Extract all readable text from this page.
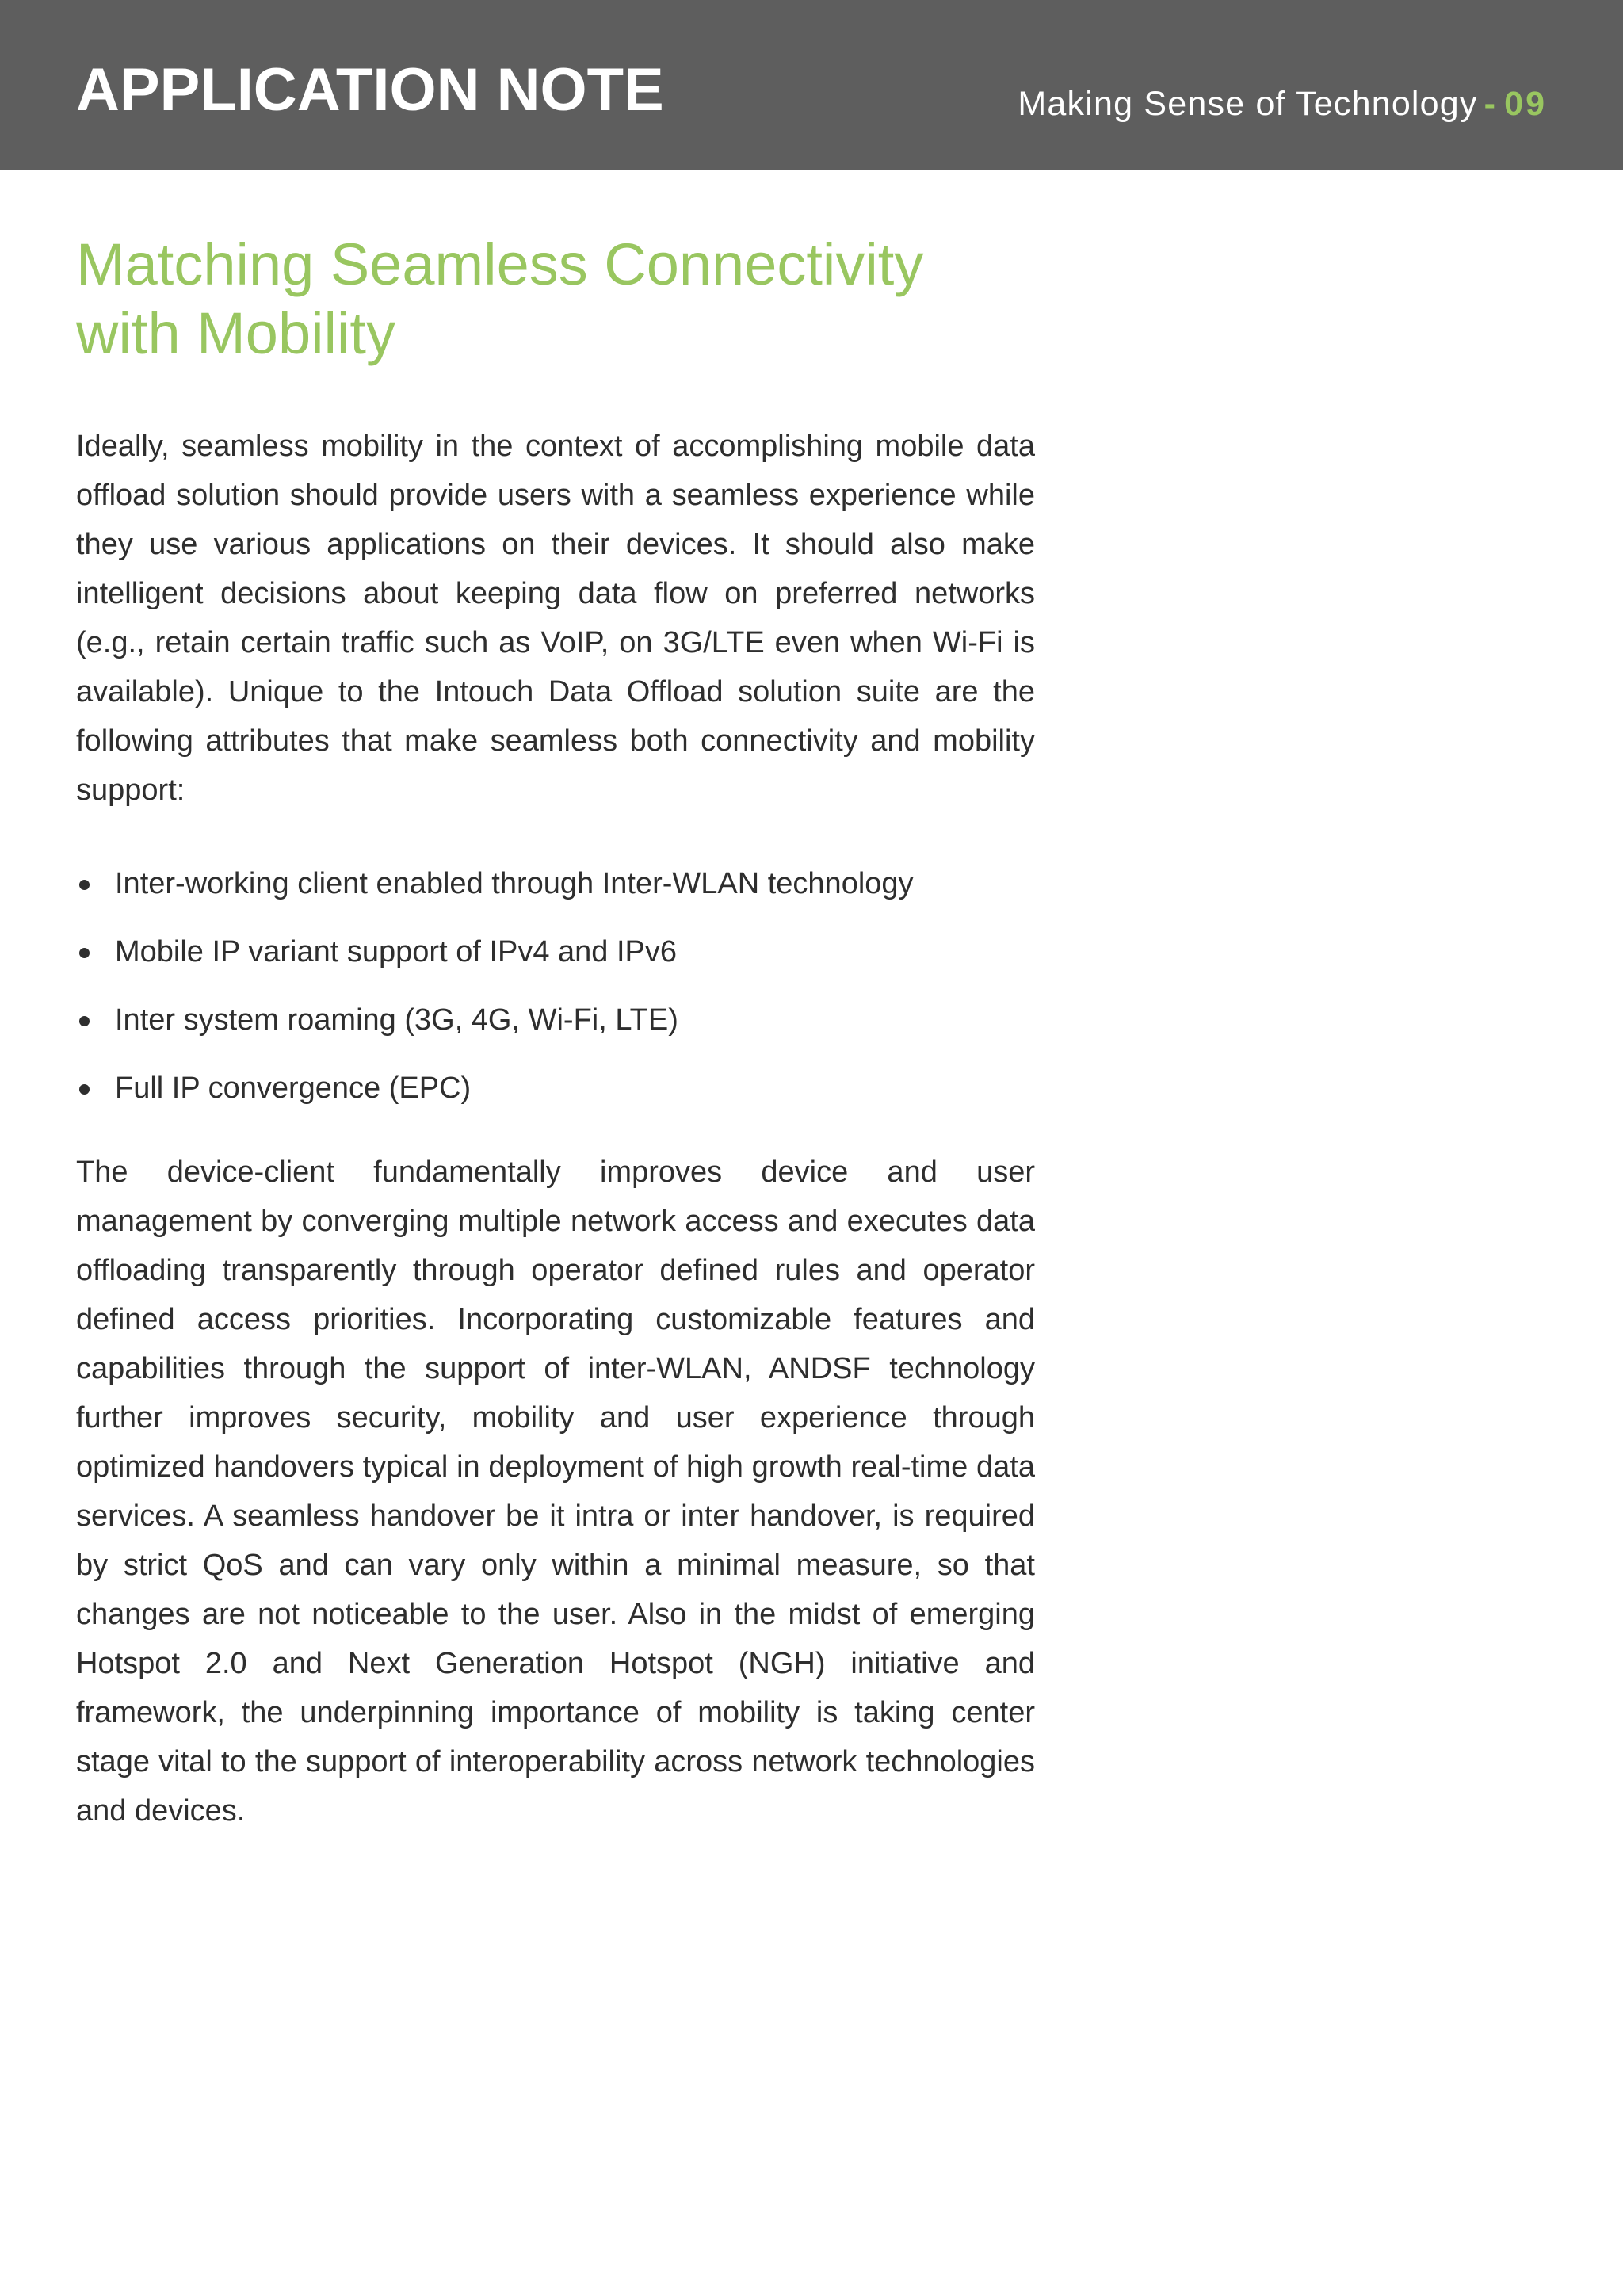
APPLICATION NOTE	Making Sense of Technology - 09
Matching Seamless Connectivity
with Mobility

Ideally, seamless mobility in the context of accomplishing mobile data offload solution should provide users with a seamless experience while they use various applications on their devices. It should also make intelligent decisions about keeping data flow on preferred networks (e.g., retain certain traffic such as VoIP, on 3G/LTE even when Wi-Fi is available). Unique to the Intouch Data Offload solution suite are the following attributes that make seamless both connectivity and mobility support:

Inter-working client enabled through Inter-WLAN technology
Mobile IP variant support of IPv4 and IPv6
Inter system roaming (3G, 4G, Wi-Fi, LTE)
Full IP convergence (EPC)

The device-client fundamentally improves device and user management by converging multiple network access and executes data offloading transparently through operator defined rules and operator defined access priorities. Incorporating customizable features and capabilities through the support of inter-WLAN, ANDSF technology further improves security, mobility and user experience through optimized handovers typical in deployment of high growth real-time data services. A seamless handover be it intra or inter handover, is required by strict QoS and can vary only within a minimal measure, so that changes are not noticeable to the user. Also in the midst of emerging Hotspot 2.0 and Next Generation Hotspot (NGH) initiative and framework, the underpinning importance of mobility is taking center stage vital to the support of interoperability across network technologies and devices.
